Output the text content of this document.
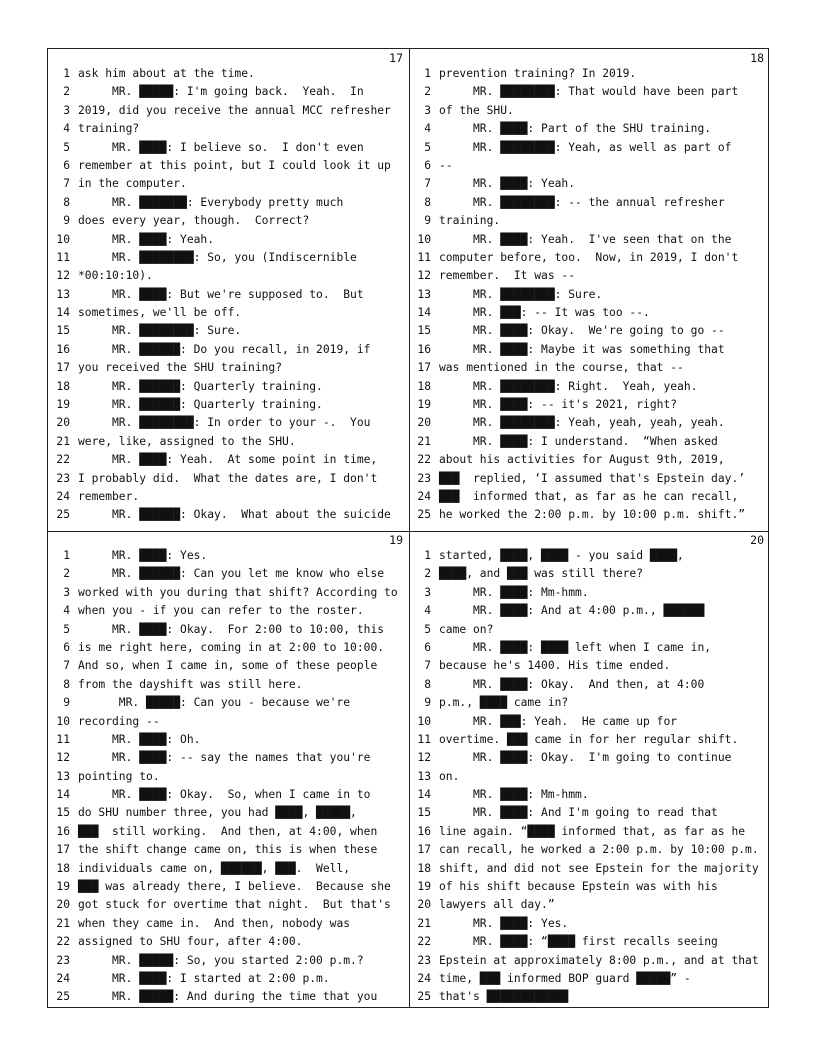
17
1 ask him about at the time.
2 MR. █████: I'm going back.  Yeah.  In
3 2019, did you receive the annual MCC refresher
4 training?
5 MR. ████: I believe so.  I don't even
6 remember at this point, but I could look it up
7 in the computer.
8 MR. ███████: Everybody pretty much
9 does every year, though.  Correct?
10 MR. ████: Yeah.
11 MR. ████████: So, you (Indiscernible
12 *00:10:10).
13 MR. ████: But we're supposed to.  But
14 sometimes, we'll be off.
15 MR. ████████: Sure.
16 MR. ██████: Do you recall, in 2019, if
17 you received the SHU training?
18 MR. ██████: Quarterly training.
19 MR. ██████: Quarterly training.
20 MR. ████████: In order to your -.  You
21 were, like, assigned to the SHU.
22 MR. ████: Yeah.  At some point in time,
23 I probably did.  What the dates are, I don't
24 remember.
25 MR. ██████: Okay.  What about the suicide
18
1 prevention training? In 2019.
2 MR. ████████: That would have been part
3 of the SHU.
4 MR. ████: Part of the SHU training.
5 MR. ████████: Yeah, as well as part of
6 --
7 MR. ████: Yeah.
8 MR. ████████: -- the annual refresher
9 training.
10 MR. ████: Yeah.  I've seen that on the
11 computer before, too.  Now, in 2019, I don't
12 remember.  It was --
13 MR. ████████: Sure.
14 MR. ███: -- It was too --.
15 MR. ████: Okay.  We're going to go --
16 MR. ████: Maybe it was something that
17 was mentioned in the course, that --
18 MR. ████████: Right.  Yeah, yeah.
19 MR. ████: -- it's 2021, right?
20 MR. ████████: Yeah, yeah, yeah, yeah.
21 MR. ████: I understand.  “When asked
22 about his activities for August 9th, 2019,
23 ███  replied, ‘I assumed that's Epstein day.’
24 ███  informed that, as far as he can recall,
25 he worked the 2:00 p.m. by 10:00 p.m. shift.”
19
1 MR. ████: Yes.
2 MR. ██████: Can you let me know who else
3 worked with you during that shift? According to
4 when you - if you can refer to the roster.
5 MR. ████: Okay.  For 2:00 to 10:00, this
6 is me right here, coming in at 2:00 to 10:00.
7 And so, when I came in, some of these people
8 from the dayshift was still here.
9 MR. █████: Can you - because we're
10 recording --
11 MR. ████: Oh.
12 MR. ████: -- say the names that you're
13 pointing to.
14 MR. ████: Okay.  So, when I came in to
15 do SHU number three, you had ████, █████,
16 ███  still working.  And then, at 4:00, when
17 the shift change came on, this is when these
18 individuals came on, ██████, ███.  Well,
19 ███ was already there, I believe.  Because she
20 got stuck for overtime that night.  But that's
21 when they came in.  And then, nobody was
22 assigned to SHU four, after 4:00.
23 MR. █████: So, you started 2:00 p.m.?
24 MR. ████: I started at 2:00 p.m.
25 MR. █████: And during the time that you
20
1 started, ████, ████ - you said ████,
2 ████, and ███ was still there?
3 MR. ████: Mm-hmm.
4 MR. ████: And at 4:00 p.m., ██████
5 came on?
6 MR. ████: ████ left when I came in,
7 because he's 1400. His time ended.
8 MR. ████: Okay.  And then, at 4:00
9 p.m., ████ came in?
10 MR. ███: Yeah.  He came up for
11 overtime. ███ came in for her regular shift.
12 MR. ████: Okay.  I'm going to continue
13 on.
14 MR. ████: Mm-hmm.
15 MR. ████: And I'm going to read that
16 line again. “████ informed that, as far as he
17 can recall, he worked a 2:00 p.m. by 10:00 p.m.
18 shift, and did not see Epstein for the majority
19 of his shift because Epstein was with his
20 lawyers all day.”
21 MR. ████: Yes.
22 MR. ████: “████ first recalls seeing
23 Epstein at approximately 8:00 p.m., and at that
24 time, ███ informed BOP guard █████” -
25 that's ████████████
